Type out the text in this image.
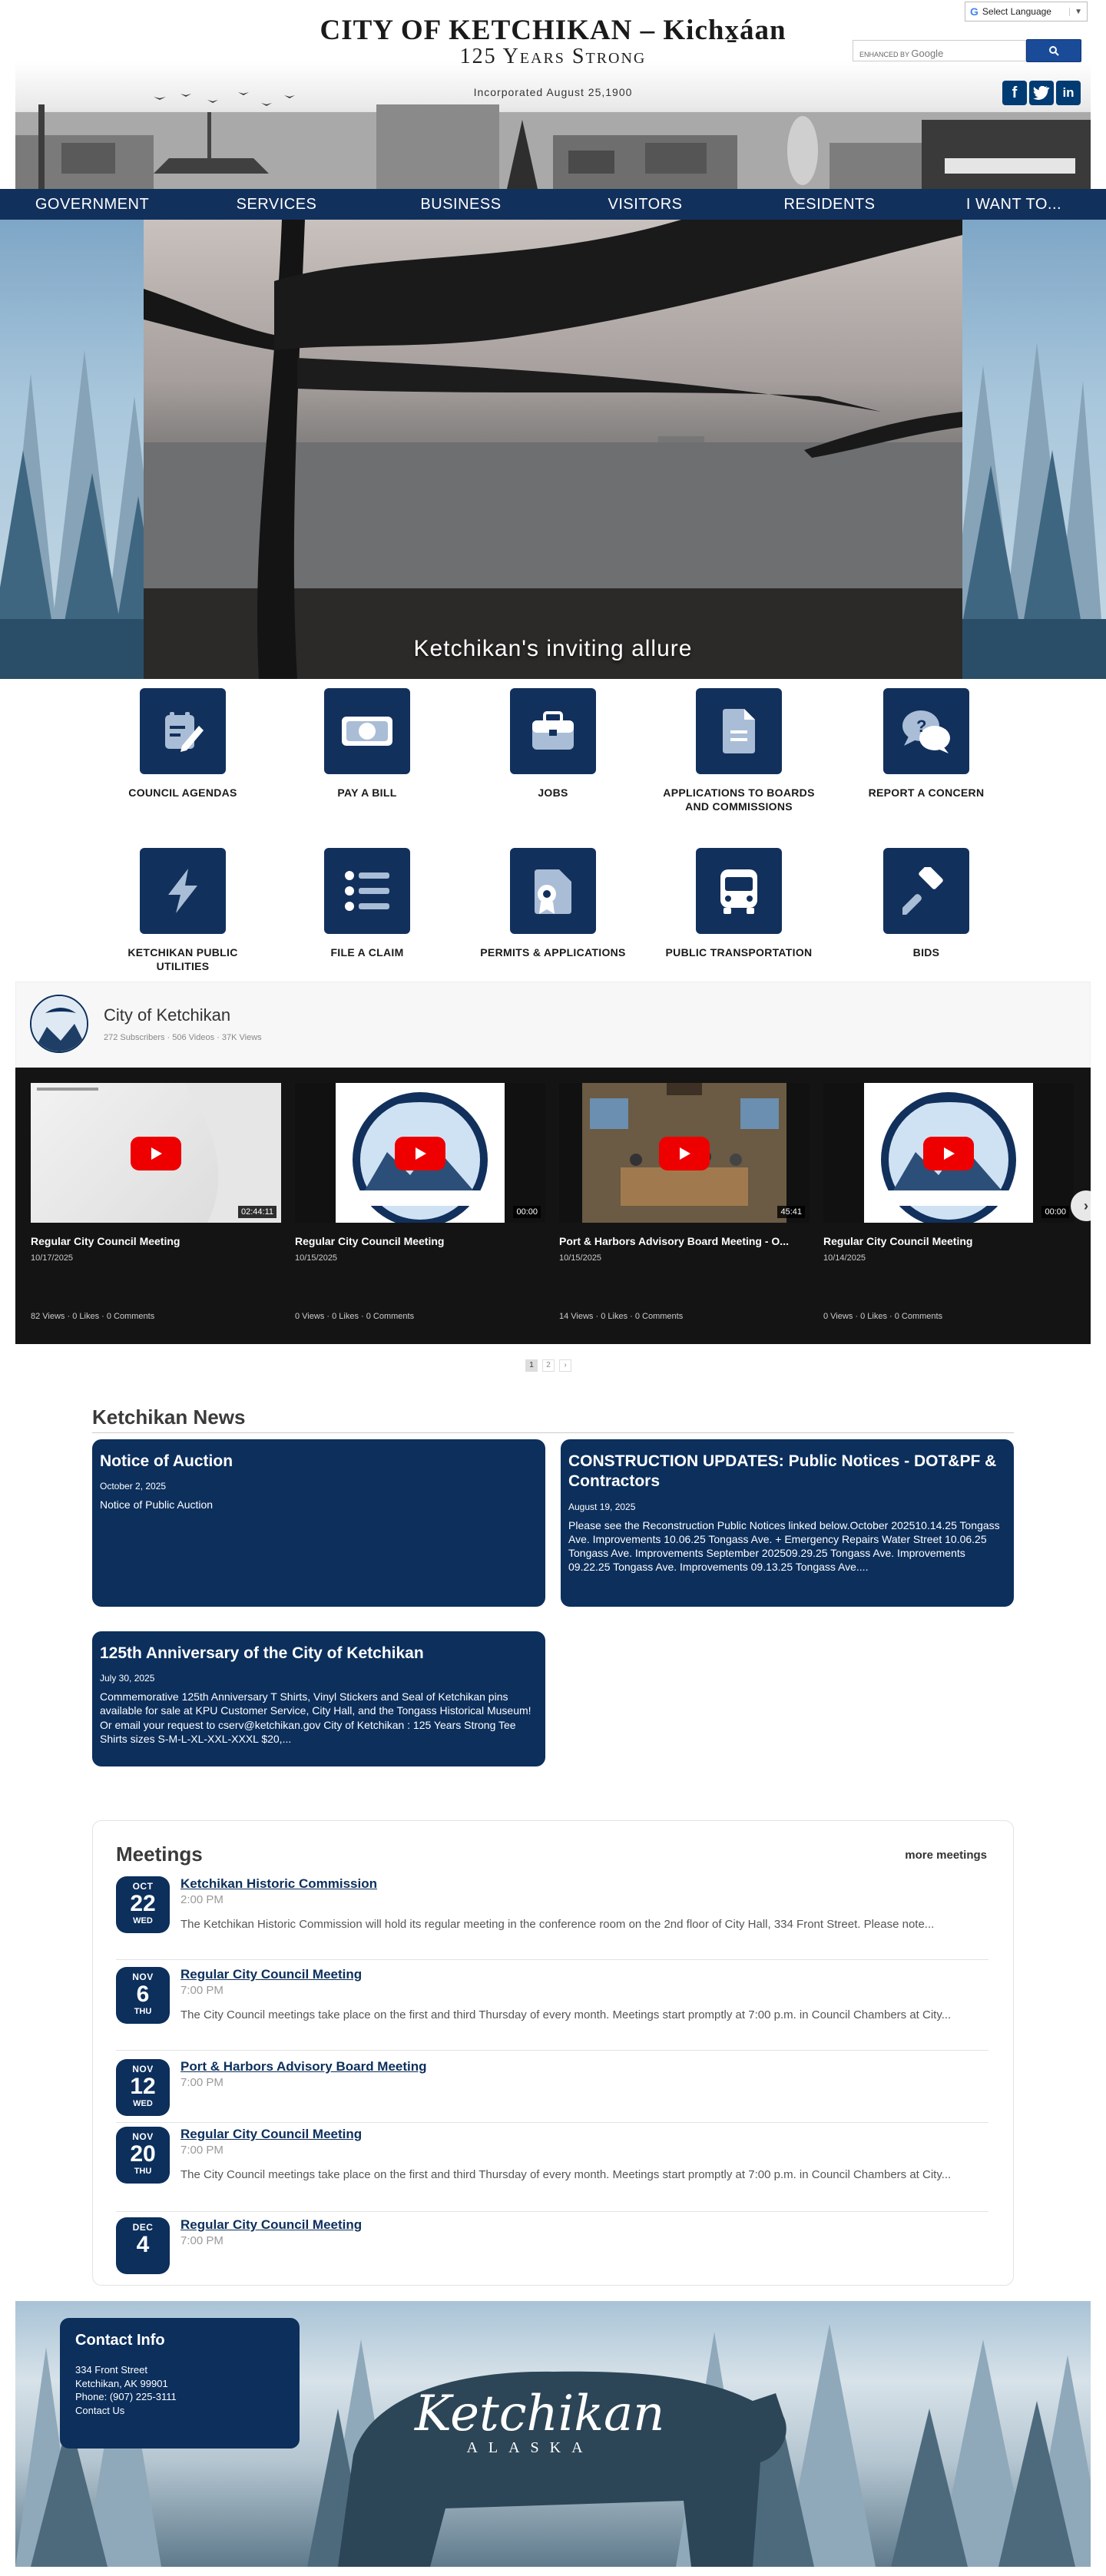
CITY OF KETCHIKAN – Kichx̱áan
125 Years Strong
Incorporated August 25,1900
G Select Language	▼
ENHANCED BY Google
f	in
GOVERNMENT	SERVICES	BUSINESS	VISITORS	RESIDENTS	I WANT TO...
Ketchikan's inviting allure
COUNCIL AGENDAS	PAY A BILL	JOBS	APPLICATIONS TO BOARDS AND COMMISSIONS
?
REPORT A CONCERN
KETCHIKAN PUBLIC UTILITIES
FILE A CLAIM	PERMITS & APPLICATIONS	PUBLIC TRANSPORTATION	BIDS
City of Ketchikan
272 Subscribers · 506 Videos · 37K Views
02:44:11
Regular City Council Meeting
10/17/2025
82 Views · 0 Likes · 0 Comments
00:00
Regular City Council Meeting
10/15/2025
0 Views · 0 Likes · 0 Comments
45:41
Port & Harbors Advisory Board Meeting - O...
10/15/2025
14 Views · 0 Likes · 0 Comments
00:00
Regular City Council Meeting
10/14/2025
0 Views · 0 Likes · 0 Comments
›
1	2	›
Ketchikan News
Notice of Auction
October 2, 2025
Notice of Public Auction
CONSTRUCTION UPDATES: Public Notices - DOT&PF & Contractors
August 19, 2025
Please see the Reconstruction Public Notices linked below.October 202510.14.25 Tongass Ave. Improvements 10.06.25 Tongass Ave. + Emergency Repairs Water Street 10.06.25 Tongass Ave. Improvements September 202509.29.25 Tongass Ave. Improvements 09.22.25 Tongass Ave. Improvements 09.13.25 Tongass Ave....
125th Anniversary of the City of Ketchikan
July 30, 2025
Commemorative 125th Anniversary T Shirts, Vinyl Stickers and Seal of Ketchikan pins available for sale at KPU Customer Service, City Hall, and the Tongass Historical Museum! Or email your request to cserv@ketchikan.gov City of Ketchikan : 125 Years Strong Tee Shirts sizes S-M-L-XL-XXL-XXXL $20,...
Meetings	more meetings
OCT
22
WED
Ketchikan Historic Commission
2:00 PM
The Ketchikan Historic Commission will hold its regular meeting in the conference room on the 2nd floor of City Hall, 334 Front Street. Please note...
NOV
6
THU
Regular City Council Meeting
7:00 PM
The City Council meetings take place on the first and third Thursday of every month. Meetings start promptly at 7:00 p.m. in Council Chambers at City...
NOV
12
WED
Port & Harbors Advisory Board Meeting
7:00 PM
NOV
20
THU
Regular City Council Meeting
7:00 PM
The City Council meetings take place on the first and third Thursday of every month. Meetings start promptly at 7:00 p.m. in Council Chambers at City...
DEC
4
Regular City Council Meeting
7:00 PM
Contact Info
334 Front Street
Ketchikan, AK 99901
Phone: (907) 225-3111
Contact Us	Ketchikan
ALASKA
